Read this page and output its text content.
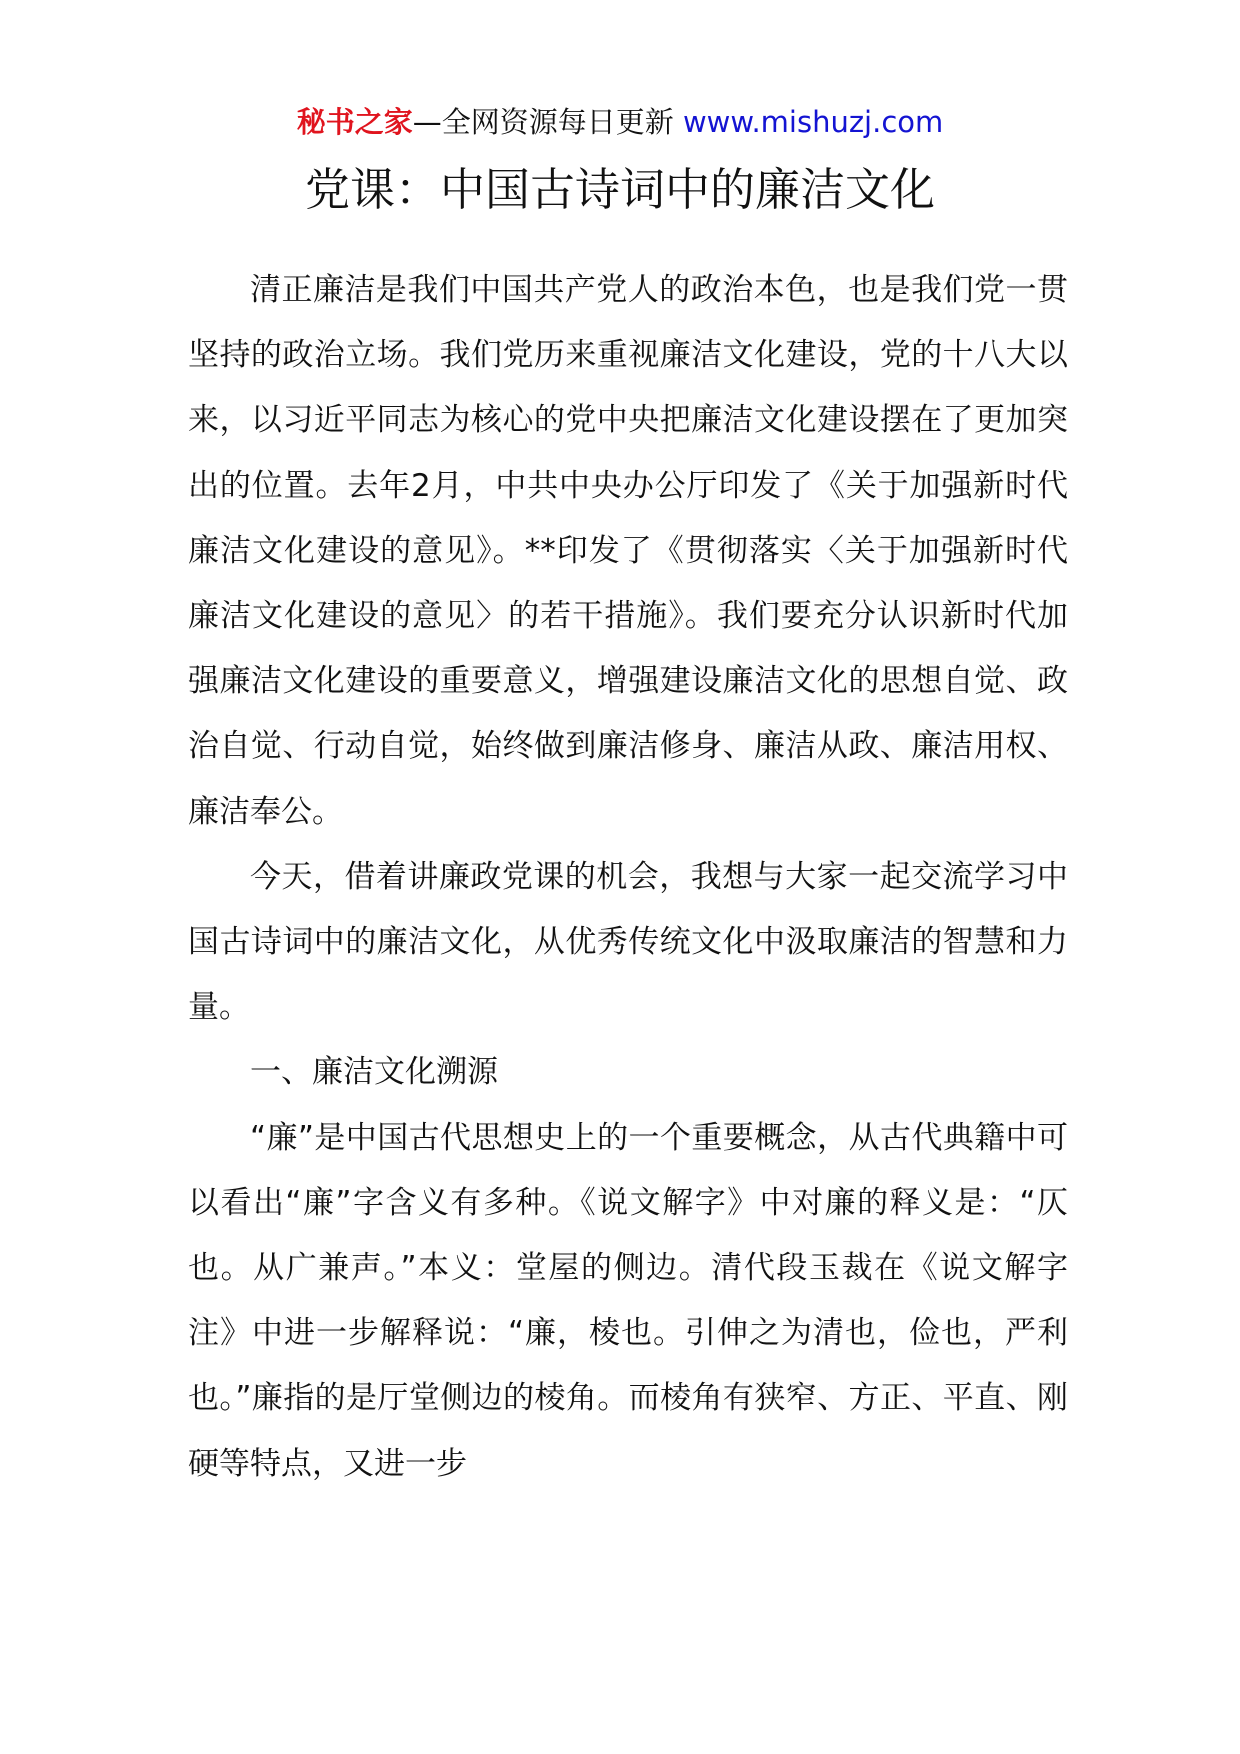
秘书之家—全网资源每日更新 www.mishuzj.com
党课：中国古诗词中的廉洁文化

清正廉洁是我们中国共产党人的政治本色，也是我们党一贯坚持的政治立场。我们党历来重视廉洁文化建设，党的十八大以来，以习近平同志为核心的党中央把廉洁文化建设摆在了更加突出的位置。去年2月，中共中央办公厅印发了《关于加强新时代廉洁文化建设的意见》。**印发了《贯彻落实〈关于加强新时代廉洁文化建设的意见〉的若干措施》。我们要充分认识新时代加强廉洁文化建设的重要意义，增强建设廉洁文化的思想自觉、政治自觉、行动自觉，始终做到廉洁修身、廉洁从政、廉洁用权、廉洁奉公。

今天，借着讲廉政党课的机会，我想与大家一起交流学习中国古诗词中的廉洁文化，从优秀传统文化中汲取廉洁的智慧和力量。

一、廉洁文化溯源

“廉”是中国古代思想史上的一个重要概念，从古代典籍中可以看出“廉”字含义有多种。《说文解字》中对廉的释义是：“仄也。从广兼声。”本义：堂屋的侧边。清代段玉裁在《说文解字注》中进一步解释说：“廉，棱也。引伸之为清也，俭也，严利也。”廉指的是厅堂侧边的棱角。而棱角有狭窄、方正、平直、刚硬等特点，又进一步
